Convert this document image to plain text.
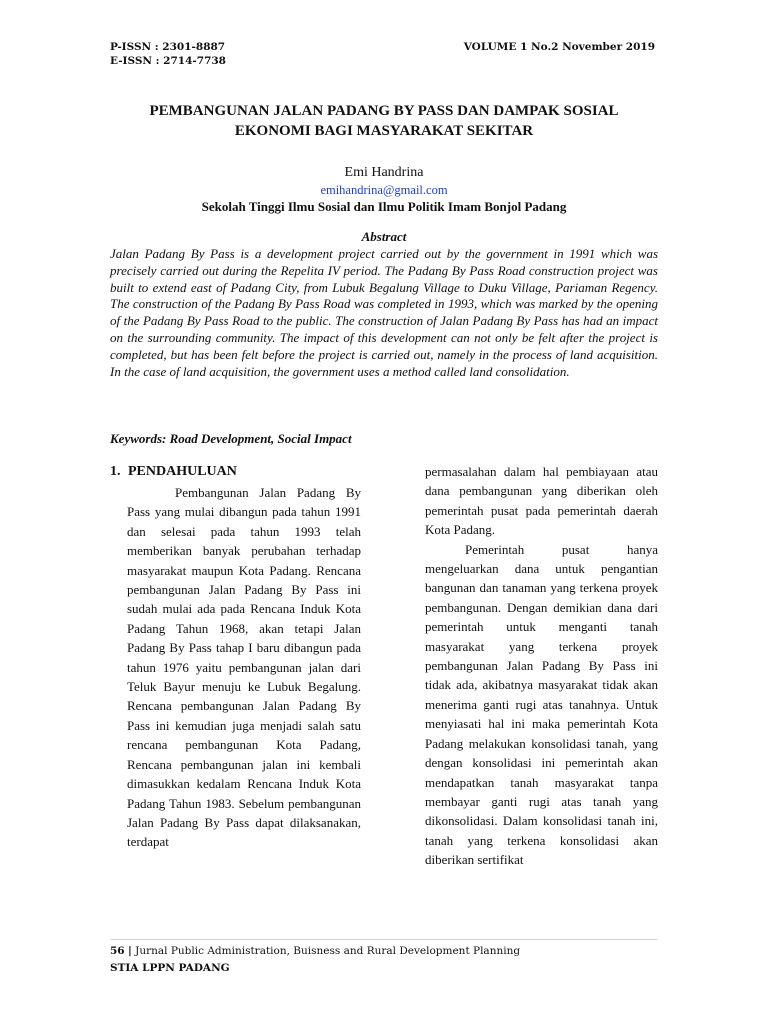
P-ISSN : 2301-8887
E-ISSN : 2714-7738
VOLUME 1 No.2 November 2019
PEMBANGUNAN JALAN PADANG BY PASS DAN DAMPAK SOSIAL
EKONOMI BAGI MASYARAKAT SEKITAR
Emi Handrina
emihandrina@gmail.com
Sekolah Tinggi Ilmu Sosial dan Ilmu Politik Imam Bonjol Padang
Abstract

Jalan Padang By Pass is a development project carried out by the government in 1991 which was precisely carried out during the Repelita IV period. The Padang By Pass Road construction project was built to extend east of Padang City, from Lubuk Begalung Village to Duku Village, Pariaman Regency. The construction of the Padang By Pass Road was completed in 1993, which was marked by the opening of the Padang By Pass Road to the public. The construction of Jalan Padang By Pass has had an impact on the surrounding community. The impact of this development can not only be felt after the project is completed, but has been felt before the project is carried out, namely in the process of land acquisition. In the case of land acquisition, the government uses a method called land consolidation.

Keywords: Road Development, Social Impact
1. PENDAHULUAN

Pembangunan Jalan Padang By Pass yang mulai dibangun pada tahun 1991 dan selesai pada tahun 1993 telah memberikan banyak perubahan terhadap masyarakat maupun Kota Padang. Rencana pembangunan Jalan Padang By Pass ini sudah mulai ada pada Rencana Induk Kota Padang Tahun 1968, akan tetapi Jalan Padang By Pass tahap I baru dibangun pada tahun 1976 yaitu pembangunan jalan dari Teluk Bayur menuju ke Lubuk Begalung. Rencana pembangunan Jalan Padang By Pass ini kemudian juga menjadi salah satu rencana pembangunan Kota Padang, Rencana pembangunan jalan ini kembali dimasukkan kedalam Rencana Induk Kota Padang Tahun 1983. Sebelum pembangunan Jalan Padang By Pass dapat dilaksanakan, terdapat

permasalahan dalam hal pembiayaan atau dana pembangunan yang diberikan oleh pemerintah pusat pada pemerintah daerah Kota Padang.

Pemerintah pusat hanya mengeluarkan dana untuk pengantian bangunan dan tanaman yang terkena proyek pembangunan. Dengan demikian dana dari pemerintah untuk menganti tanah masyarakat yang terkena proyek pembangunan Jalan Padang By Pass ini tidak ada, akibatnya masyarakat tidak akan menerima ganti rugi atas tanahnya. Untuk menyiasati hal ini maka pemerintah Kota Padang melakukan konsolidasi tanah, yang dengan konsolidasi ini pemerintah akan mendapatkan tanah masyarakat tanpa membayar ganti rugi atas tanah yang dikonsolidasi. Dalam konsolidasi tanah ini, tanah yang terkena konsolidasi akan diberikan sertifikat

56 | Jurnal Public Administration, Buisness and Rural Development Planning
STIA LPPN PADANG
